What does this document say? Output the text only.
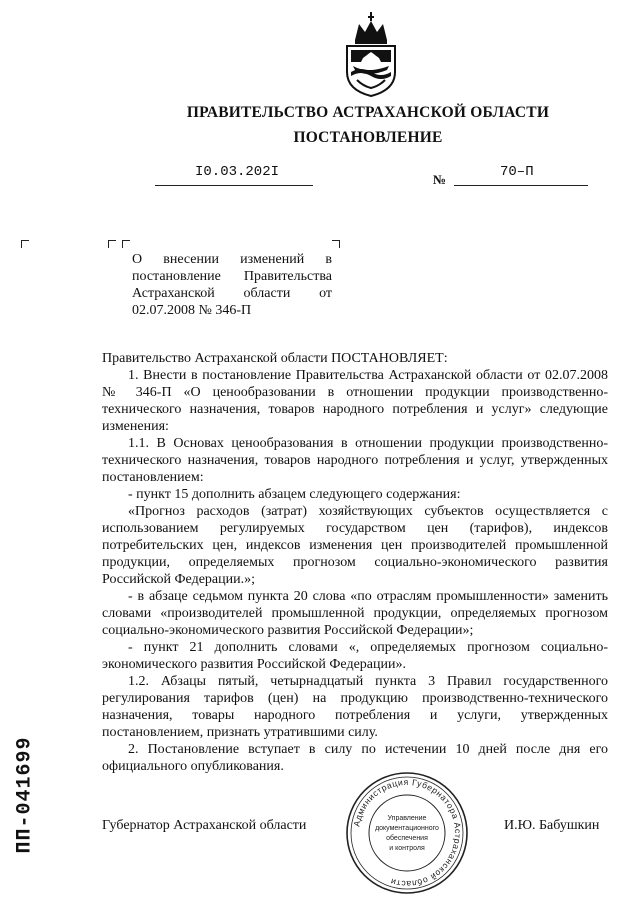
ПРАВИТЕЛЬСТВО АСТРАХАНСКОЙ ОБЛАСТИ
ПОСТАНОВЛЕНИЕ
I0.03.202I	№	70–П
О внесении изменений в постановление Правительства Астраханской области от 02.07.2008 № 346-П

Правительство Астраханской области ПОСТАНОВЛЯЕТ:

1. Внести в постановление Правительства Астраханской области от 02.07.2008 № 346-П «О ценообразовании в отношении продукции производственно-технического назначения, товаров народного потребления и услуг» следующие изменения:

1.1. В Основах ценообразования в отношении продукции производственно-технического назначения, товаров народного потребления и услуг, утвержденных постановлением:

- пункт 15 дополнить абзацем следующего содержания:

«Прогноз расходов (затрат) хозяйствующих субъектов осуществляется с использованием регулируемых государством цен (тарифов), индексов потребительских цен, индексов изменения цен производителей промышленной продукции, определяемых прогнозом социально-экономического развития Российской Федерации.»;

- в абзаце седьмом пункта 20 слова «по отраслям промышленности» заменить словами «производителей промышленной продукции, определяемых прогнозом социально-экономического развития Российской Федерации»;

- пункт 21 дополнить словами «, определяемых прогнозом социально-экономического развития Российской Федерации».

1.2. Абзацы пятый, четырнадцатый пункта 3 Правил государственного регулирования тарифов (цен) на продукцию производственно-технического назначения, товары народного потребления и услуги, утвержденных постановлением, признать утратившими силу.

2. Постановление вступает в силу по истечении 10 дней после дня его официального опубликования.

ПП-041699	Губернатор Астраханской области	И.Ю. Бабушкин
Администрация Губернатора Астраханской области
Управление
документационного
обеспечения
и контроля
